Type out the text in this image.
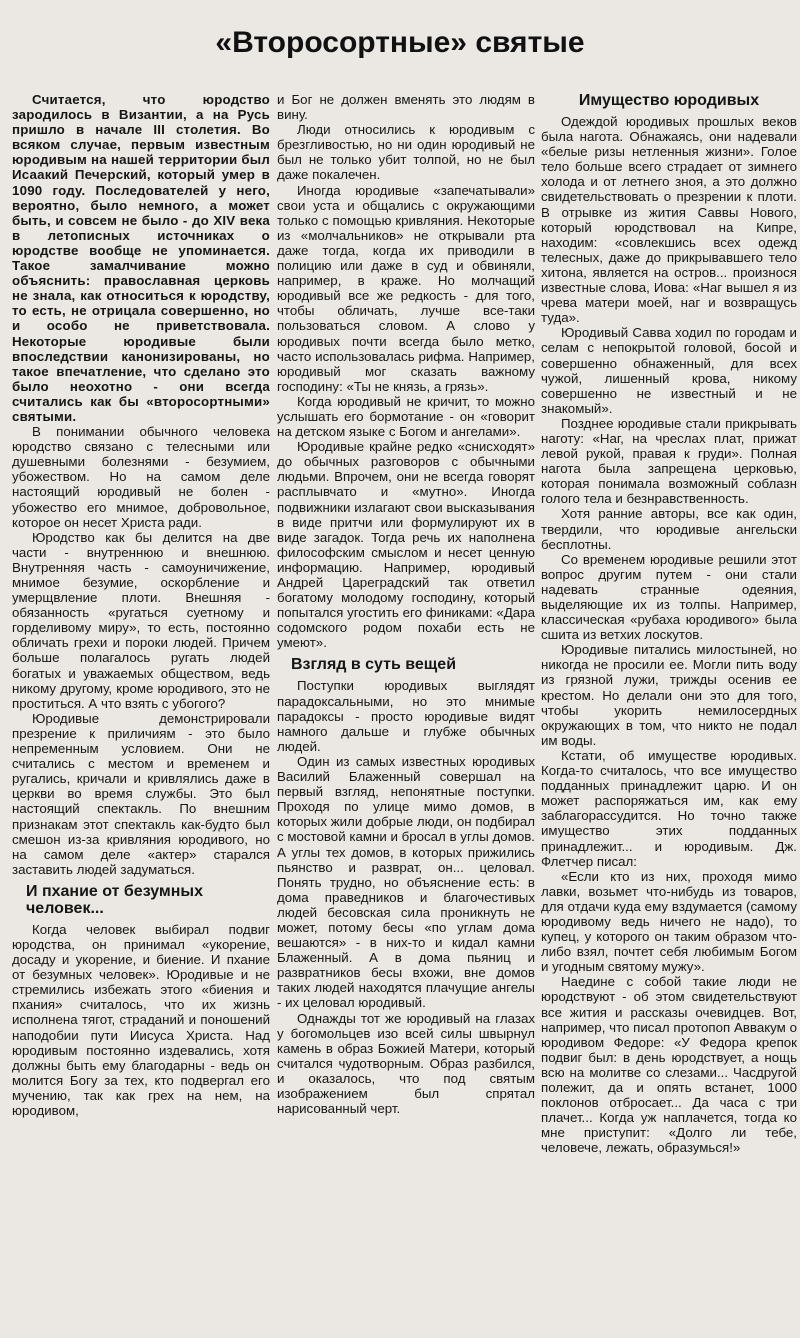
«Второсортные» святые

Считается, что юродство зародилось в Византии, а на Русь пришло в начале III столетия. Во всяком случае, первым известным юродивым на нашей территории был Исаакий Печерский, который умер в 1090 году. Последователей у него, вероятно, было немного, а может быть, и совсем не было - до XIV века в летописных источниках о юродстве вообще не упоминается. Такое замалчивание можно объяснить: православная церковь не знала, как относиться к юродству, то есть, не отрицала совершенно, но и особо не приветствовала. Некоторые юродивые были впоследствии канонизированы, но такое впечатление, что сделано это было неохотно - они всегда считались как бы «второсортными» святыми.

В понимании обычного человека юродство связано с телесными или душевными болезнями - безумием, убожеством. Но на самом деле настоящий юродивый не болен - убожество его мнимое, добровольное, которое он несет Христа ради.

Юродство как бы делится на две части - внутреннюю и внешнюю. Внутренняя часть - самоуничижение, мнимое безумие, оскорбление и умерщвление плоти. Внешняя - обязанность «ругаться суетному и горделивому миру», то есть, постоянно обличать грехи и пороки людей. Причем больше полагалось ругать людей богатых и уважаемых обществом, ведь никому другому, кроме юродивого, это не проститься. А что взять с убогого?

Юродивые демонстрировали презрение к приличиям - это было непременным условием. Они не считались с местом и временем и ругались, кричали и кривлялись даже в церкви во время службы. Это был настоящий спектакль. По внешним признакам этот спектакль как-будто был смешон из-за кривляния юродивого, но на самом деле «актер» старался заставить людей задуматься.

И пхание от безумных человек...

Когда человек выбирал подвиг юродства, он принимал «укорение, досаду и укорение, и биение. И пхание от безумных человек». Юродивые и не стремились избежать этого «биения и пхания» считалось, что их жизнь исполнена тягот, страданий и поношений наподобии пути Иисуса Христа. Над юродивым постоянно издевались, хотя должны быть ему благодарны - ведь он молится Богу за тех, кто подвергал его мучению, так как грех на нем, на юродивом,

и Бог не должен вменять это людям в вину.

Люди относились к юродивым с брезгливостью, но ни один юродивый не был не только убит толпой, но не был даже покалечен.

Иногда юродивые «запечатывали» свои уста и общались с окружающими только с помощью кривляния. Некоторые из «молчальников» не открывали рта даже тогда, когда их приводили в полицию или даже в суд и обвиняли, например, в краже. Но молчащий юродивый все же редкость - для того, чтобы обличать, лучше все-таки пользоваться словом. А слово у юродивых почти всегда было метко, часто использовалась рифма. Например, юродивый мог сказать важному господину: «Ты не князь, а грязь».

Когда юродивый не кричит, то можно услышать его бормотание - он «говорит на детском языке с Богом и ангелами».

Юродивые крайне редко «снисходят» до обычных разговоров с обычными людьми. Впрочем, они не всегда говорят расплывчато и «мутно». Иногда подвижники излагают свои высказывания в виде притчи или формулируют их в виде загадок. Тогда речь их наполнена философским смыслом и несет ценную информацию. Например, юродивый Андрей Цареградский так ответил богатому молодому господину, который попытался угостить его финиками: «Дара содомского родом похаби есть не умеют».

Взгляд в суть вещей

Поступки юродивых выглядят парадоксальными, но это мнимые парадоксы - просто юродивые видят намного дальше и глубже обычных людей.

Один из самых известных юродивых Василий Блаженный совершал на первый взгляд, непонятные поступки. Проходя по улице мимо домов, в которых жили добрые люди, он подбирал с мостовой камни и бросал в углы домов. А углы тех домов, в которых прижились пьянство и разврат, он... целовал. Понять трудно, но объяснение есть: в дома праведников и благочестивых людей бесовская сила проникнуть не может, потому бесы «по углам дома вешаются» - в них-то и кидал камни Блаженный. А в дома пьяниц и развратников бесы вхожи, вне домов таких людей находятся плачущие ангелы - их целовал юродивый.

Однажды тот же юродивый на глазах у богомольцев изо всей силы швырнул камень в образ Божией Матери, который считался чудотворным. Образ разбился, и оказалось, что под святым изображением был спрятал нарисованный черт.

Имущество юродивых

Одеждой юродивых прошлых веков была нагота. Обнажаясь, они надевали «белые ризы нетленныя жизни». Голое тело больше всего страдает от зимнего холода и от летнего зноя, а это должно свидетельствовать о презрении к плоти. В отрывке из жития Саввы Нового, который юродствовал на Кипре, находим: «совлекшись всех одежд телесных, даже до прикрывавшего тело хитона, является на остров... произнося известные слова, Иова: «Наг вышел я из чрева матери моей, наг и возвращусь туда».

Юродивый Савва ходил по городам и селам с непокрытой головой, босой и совершенно обнаженный, для всех чужой, лишенный крова, никому совершенно не известный и не знакомый».

Позднее юродивые стали прикрывать наготу: «Наг, на чреслах плат, прижат левой рукой, правая к груди». Полная нагота была запрещена церковью, которая понимала возможный соблазн голого тела и безнравственность.

Хотя ранние авторы, все как один, твердили, что юродивые ангельски бесплотны.

Со временем юродивые решили этот вопрос другим путем - они стали надевать странные одеяния, выделяющие их из толпы. Например, классическая «рубаха юродивого» была сшита из ветхих лоскутов.

Юродивые питались милостыней, но никогда не просили ее. Могли пить воду из грязной лужи, трижды осенив ее крестом. Но делали они это для того, чтобы укорить немилосердных окружающих в том, что никто не подал им воды.

Кстати, об имуществе юродивых. Когда-то считалось, что все имущество подданных принадлежит царю. И он может распоряжаться им, как ему заблагорассудится. Но точно также имущество этих подданных принадлежит... и юродивым. Дж. Флетчер писал:

«Если кто из них, проходя мимо лавки, возьмет что-нибудь из товаров, для отдачи куда ему вздумается (самому юродивому ведь ничего не надо), то купец, у которого он таким образом что-либо взял, почтет себя любимым Богом и угодным святому мужу».

Наедине с собой такие люди не юродствуют - об этом свидетельствуют все жития и рассказы очевидцев. Вот, например, что писал протопоп Аввакум о юродивом Федоре: «У Федора крепок подвиг был: в день юродствует, а нощь всю на молитве со слезами... Часдругой полежит, да и опять встанет, 1000 поклонов отбросает... Да часа с три плачет... Когда уж наплачется, тогда ко мне приступит: «Долго ли тебе, человече, лежать, образумься!»
